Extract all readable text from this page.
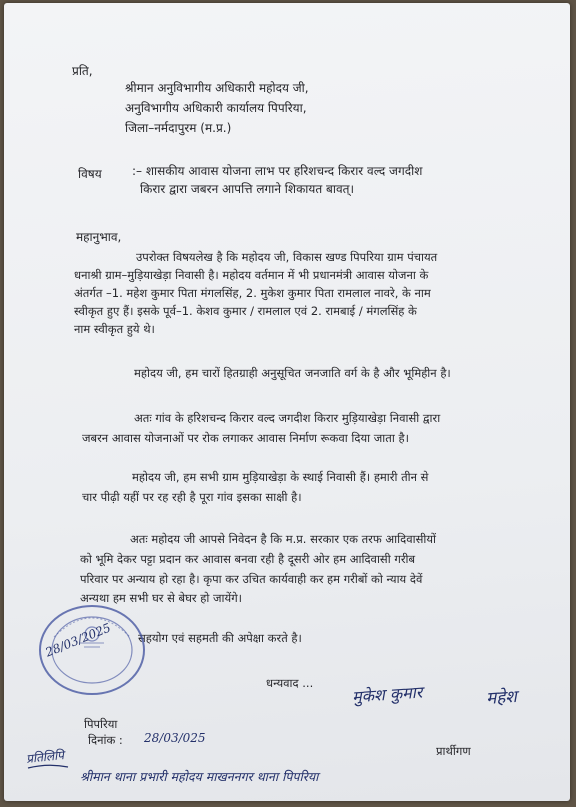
प्रति,
श्रीमान अनुविभागीय अधिकारी महोदय जी,
अनुविभागीय अधिकारी कार्यालय पिपरिया,
जिला–नर्मदापुरम (म.प्र.)
विषय	:– शासकीय आवास योजना लाभ पर हरिशचन्द किरार वल्द जगदीश
किरार द्वारा जबरन आपत्ति लगाने शिकायत बावत्।
महानुभाव,
उपरोक्त विषयलेख है कि महोदय जी, विकास खण्ड पिपरिया ग्राम पंचायत
धनाश्री ग्राम–मुड़ियाखेड़ा निवासी है। महोदय वर्तमान में भी प्रधानमंत्री आवास योजना के
अंतर्गत –1. महेश कुमार पिता मंगलसिंह, 2. मुकेश कुमार पिता रामलाल नावरे, के नाम
स्वीकृत हुए हैं। इसके पूर्व–1. केशव कुमार / रामलाल एवं 2. रामबाई / मंगलसिंह के
नाम स्वीकृत हुये थे।
महोदय जी, हम चारों हितग्राही अनुसूचित जनजाति वर्ग के है और भूमिहीन है।
अतः गांव के हरिशचन्द किरार वल्द जगदीश किरार मुड़ियाखेड़ा निवासी द्वारा
जबरन आवास योजनाओं पर रोक लगाकर आवास निर्माण रूकवा दिया जाता है।
महोदय जी, हम सभी ग्राम मुड़ियाखेड़ा के स्थाई निवासी हैं। हमारी तीन से
चार पीढ़ी यहीं पर रह रही है पूरा गांव इसका साक्षी है।
अतः महोदय जी आपसे निवेदन है कि म.प्र. सरकार एक तरफ आदिवासीयों
को भूमि देकर पट्टा प्रदान कर आवास बनवा रही है दूसरी ओर हम आदिवासी गरीब
परिवार पर अन्याय हो रहा है। कृपा कर उचित कार्यवाही कर हम गरीबों को न्याय देवें
अन्यथा हम सभी घर से बेघर हो जायेंगे।
सहयोग एवं सहमती की अपेक्षा करते है।
धन्यवाद ...
पिपरिया
दिनांक : 28/03/025
प्रार्थीगण
28/03/2025
मुकेश कुमार	महेश
प्रतिलिपि
श्रीमान थाना प्रभारी महोदय माखननगर थाना पिपरिया
